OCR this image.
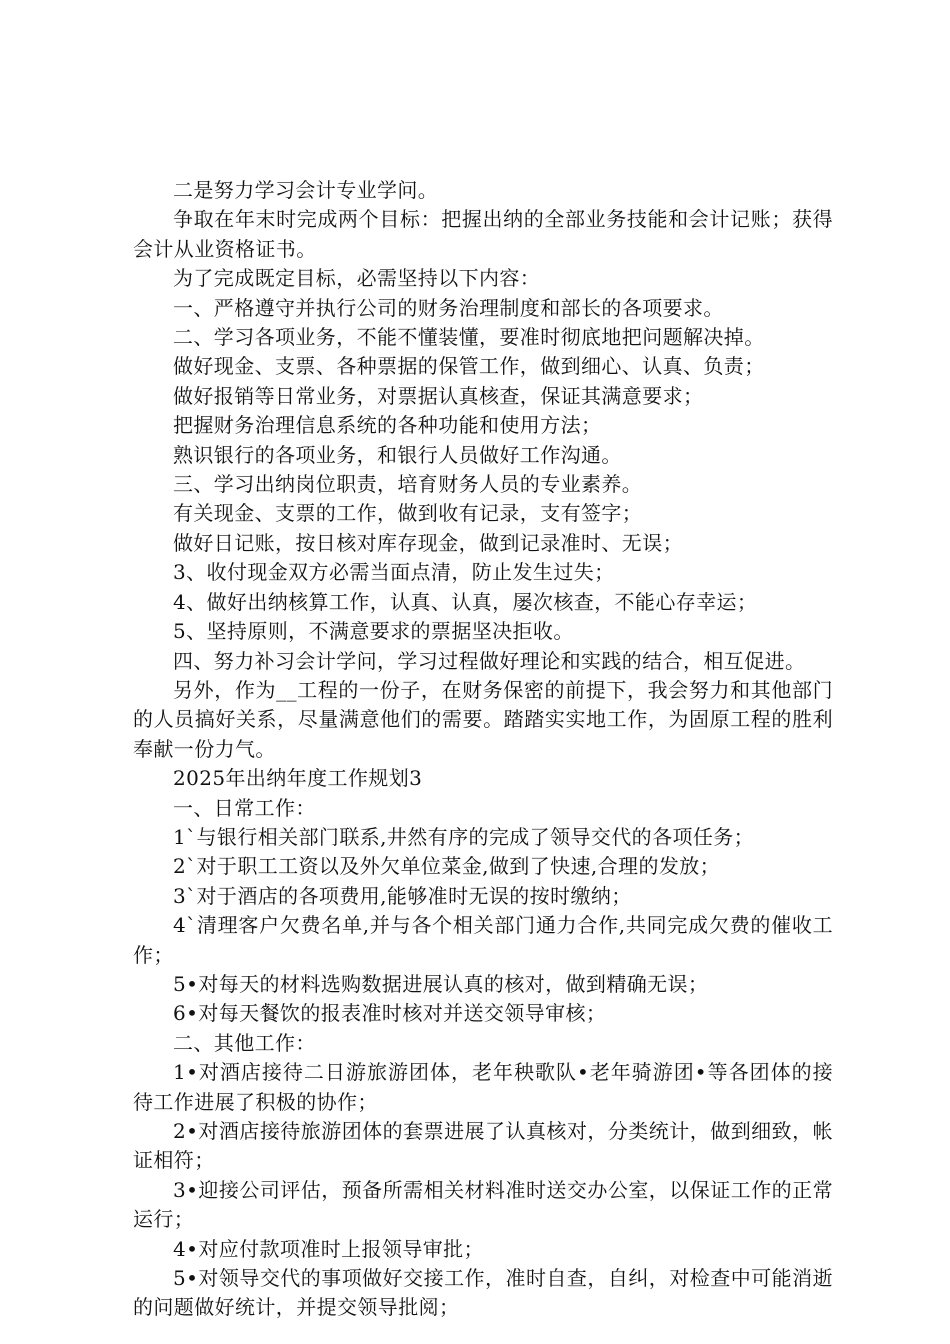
二是努力学习会计专业学问。

争取在年末时完成两个目标：把握出纳的全部业务技能和会计记账；获得会计从业资格证书。

为了完成既定目标，必需坚持以下内容：

一、严格遵守并执行公司的财务治理制度和部长的各项要求。

二、学习各项业务，不能不懂装懂，要准时彻底地把问题解决掉。

做好现金、支票、各种票据的保管工作，做到细心、认真、负责；

做好报销等日常业务，对票据认真核查，保证其满意要求；

把握财务治理信息系统的各种功能和使用方法；

熟识银行的各项业务，和银行人员做好工作沟通。

三、学习出纳岗位职责，培育财务人员的专业素养。

有关现金、支票的工作，做到收有记录，支有签字；

做好日记账，按日核对库存现金，做到记录准时、无误；

3、收付现金双方必需当面点清，防止发生过失；

4、做好出纳核算工作，认真、认真，屡次核查，不能心存幸运；

5、坚持原则，不满意要求的票据坚决拒收。

四、努力补习会计学问，学习过程做好理论和实践的结合，相互促进。

另外，作为__工程的一份子，在财务保密的前提下，我会努力和其他部门的人员搞好关系，尽量满意他们的需要。踏踏实实地工作，为固原工程的胜利奉献一份力气。

2025年出纳年度工作规划3

一、日常工作：

1`与银行相关部门联系,井然有序的完成了领导交代的各项任务；

2`对于职工工资以及外欠单位菜金,做到了快速,合理的发放；

3`对于酒店的各项费用,能够准时无误的按时缴纳；

4`清理客户欠费名单,并与各个相关部门通力合作,共同完成欠费的催收工作；

5•对每天的材料选购数据进展认真的核对，做到精确无误；

6•对每天餐饮的报表准时核对并送交领导审核；

二、其他工作：

1•对酒店接待二日游旅游团体，老年秧歌队•老年骑游团•等各团体的接待工作进展了积极的协作；

2•对酒店接待旅游团体的套票进展了认真核对，分类统计，做到细致，帐证相符；

3•迎接公司评估，预备所需相关材料准时送交办公室，以保证工作的正常运行；

4•对应付款项准时上报领导审批；

5•对领导交代的事项做好交接工作，准时自查，自纠，对检查中可能消逝的问题做好统计，并提交领导批阅；
